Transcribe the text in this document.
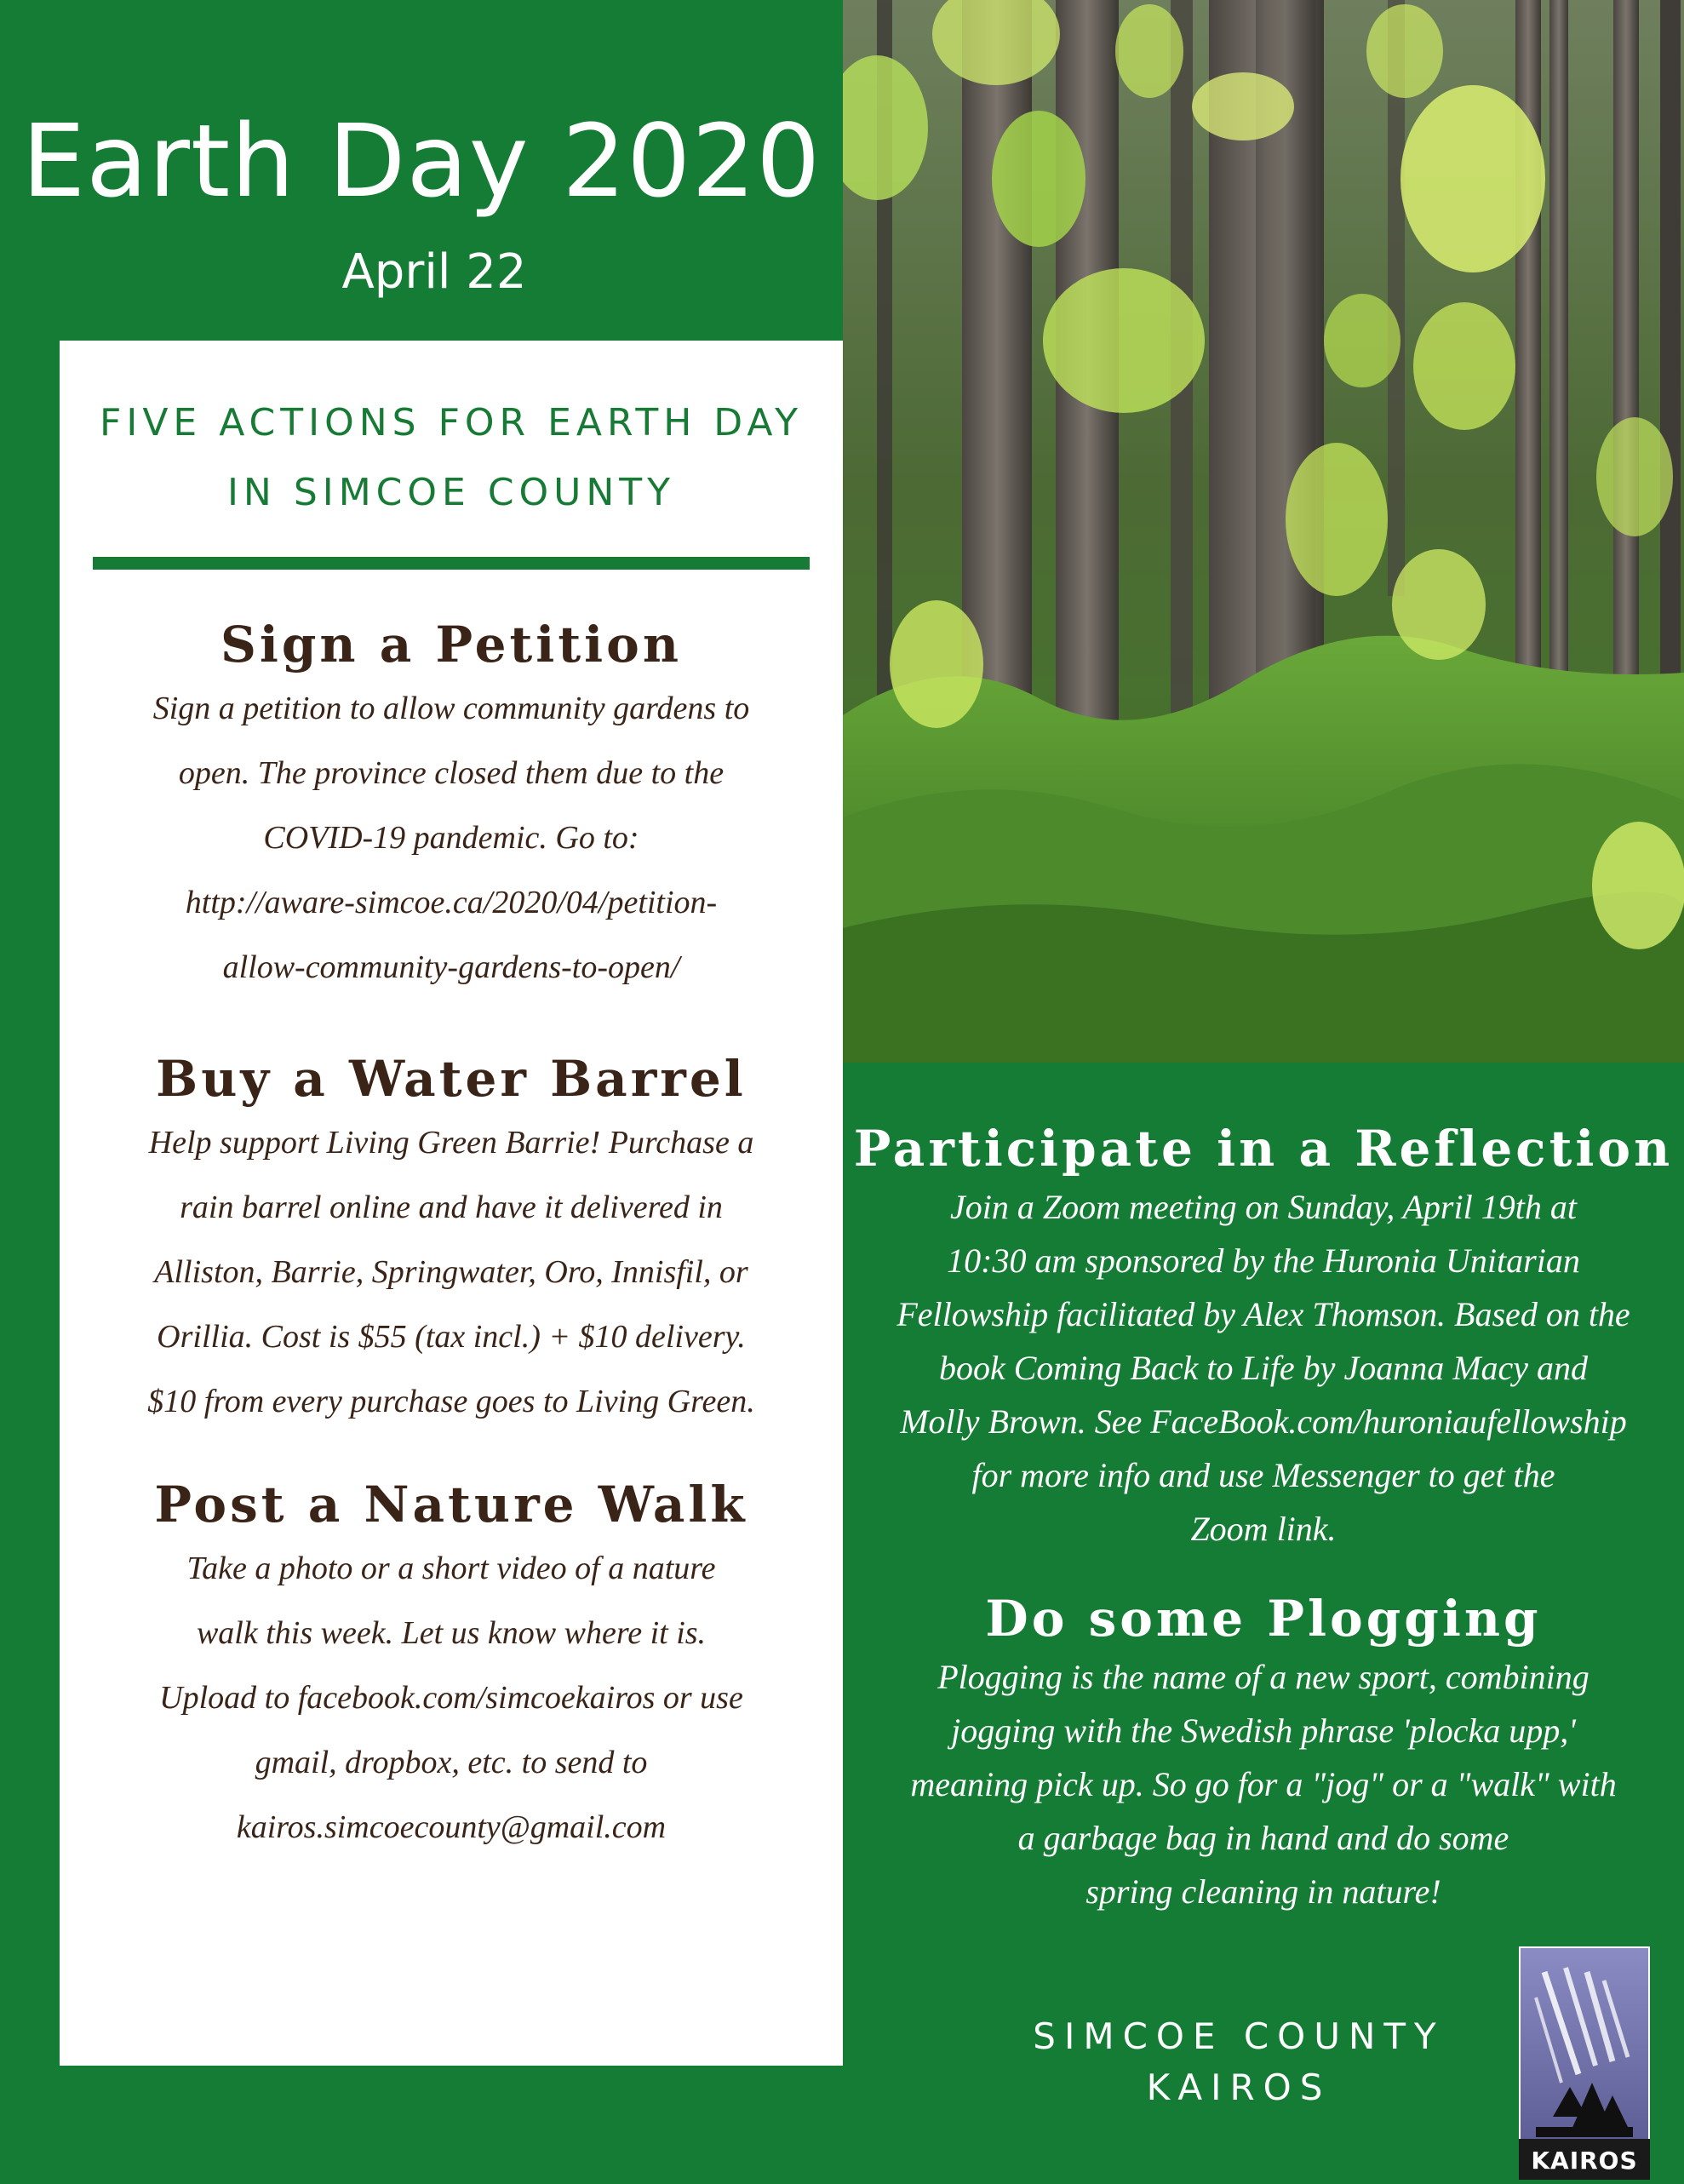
Earth Day 2020
April 22
FIVE ACTIONS FOR EARTH DAY
IN SIMCOE COUNTY
Sign a Petition

Sign a petition to allow community gardens to

open. The province closed them due to the

COVID-19 pandemic. Go to:

http://aware-simcoe.ca/2020/04/petition-

allow-community-gardens-to-open/

Buy a Water Barrel

Help support Living Green Barrie! Purchase a

rain barrel online and have it delivered in

Alliston, Barrie, Springwater, Oro, Innisfil, or

Orillia. Cost is $55 (tax incl.) + $10 delivery.

$10 from every purchase goes to Living Green.

Post a Nature Walk

Take a photo or a short video of a nature

walk this week. Let us know where it is.

Upload to facebook.com/simcoekairos or use

gmail, dropbox, etc. to send to

kairos.simcoecounty@gmail.com

Participate in a Reflection

Join a Zoom meeting on Sunday, April 19th at

10:30 am sponsored by the Huronia Unitarian

Fellowship facilitated by Alex Thomson. Based on the

book Coming Back to Life by Joanna Macy and

Molly Brown. See FaceBook.com/huroniaufellowship

for more info and use Messenger to get the

Zoom link.

Do some Plogging

Plogging is the name of a new sport, combining

jogging with the Swedish phrase 'plocka upp,'

meaning pick up. So go for a "jog" or a "walk" with

a garbage bag in hand and do some

spring cleaning in nature!

SIMCOE COUNTY KAIROS
KAIROS
